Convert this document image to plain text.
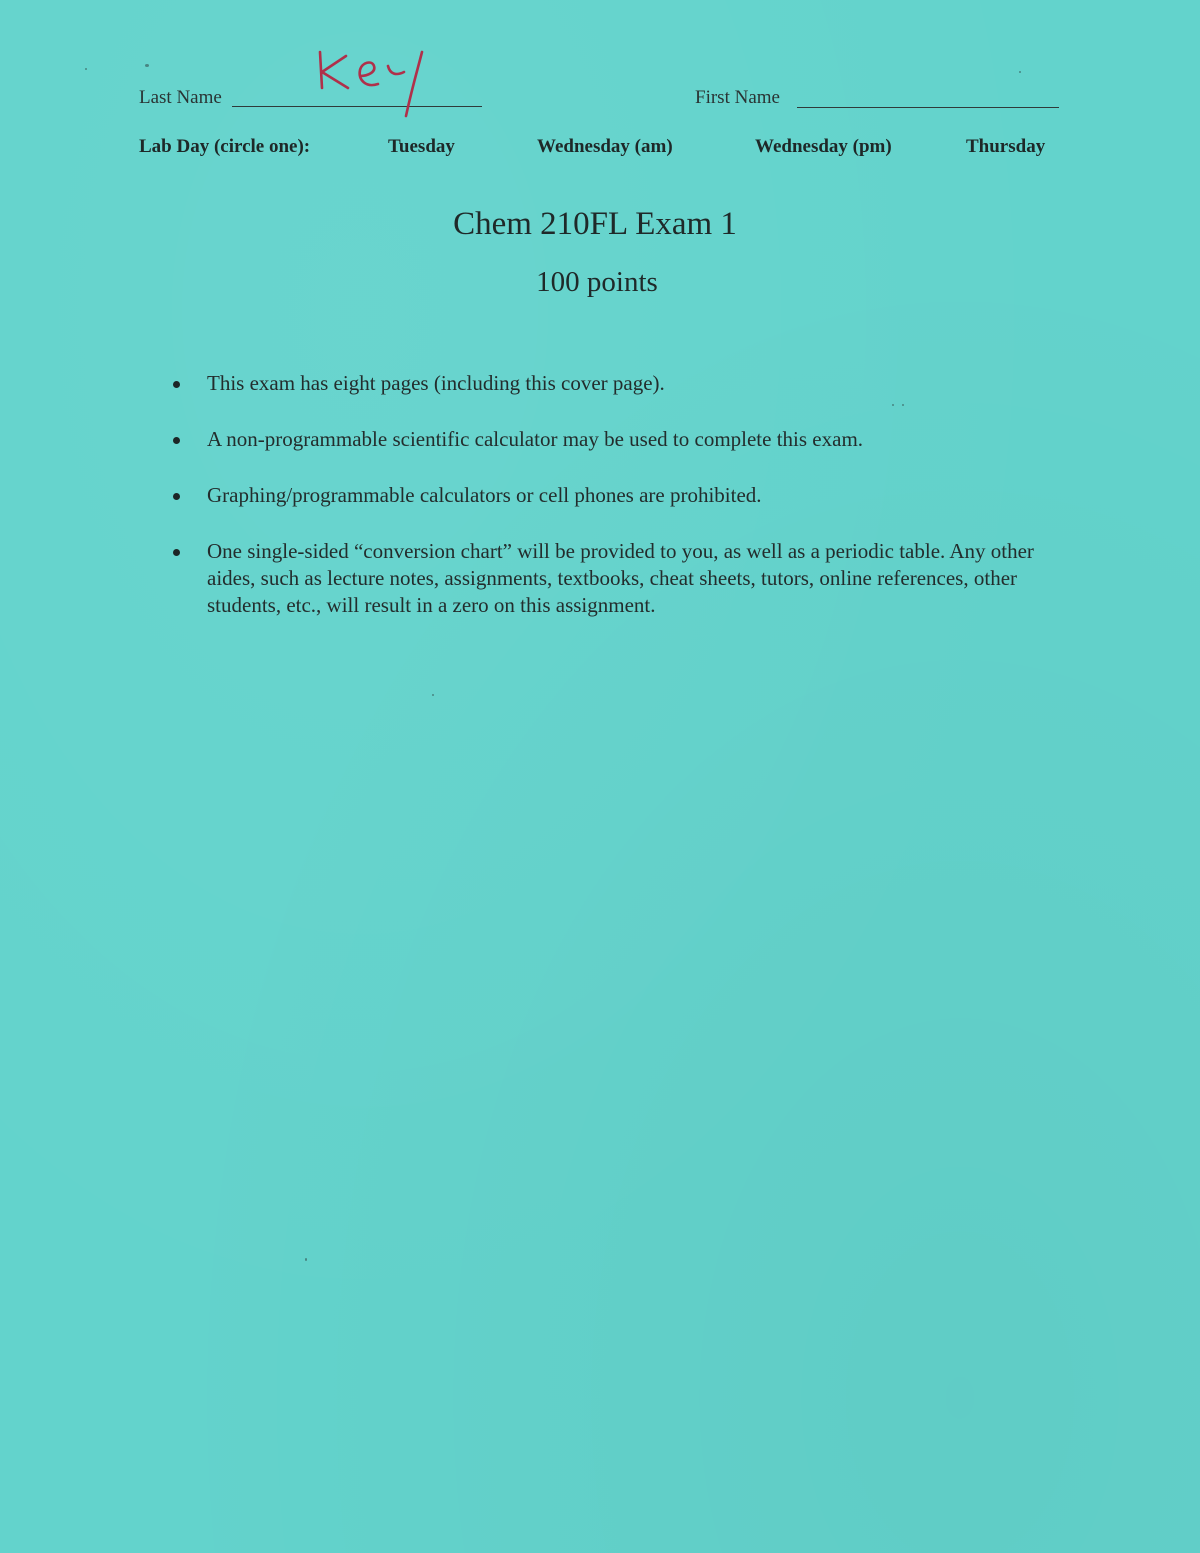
Last Name	First Name
Lab Day (circle one):	Tuesday	Wednesday (am)	Wednesday (pm)	Thursday
Chem 210FL Exam 1
100 points
This exam has eight pages (including this cover page).
A non-programmable scientific calculator may be used to complete this exam.
Graphing/programmable calculators or cell phones are prohibited.
One single-sided “conversion chart” will be provided to you, as well as a periodic table. Any other aides, such as lecture notes, assignments, textbooks, cheat sheets, tutors, online references, other students, etc., will result in a zero on this assignment.
